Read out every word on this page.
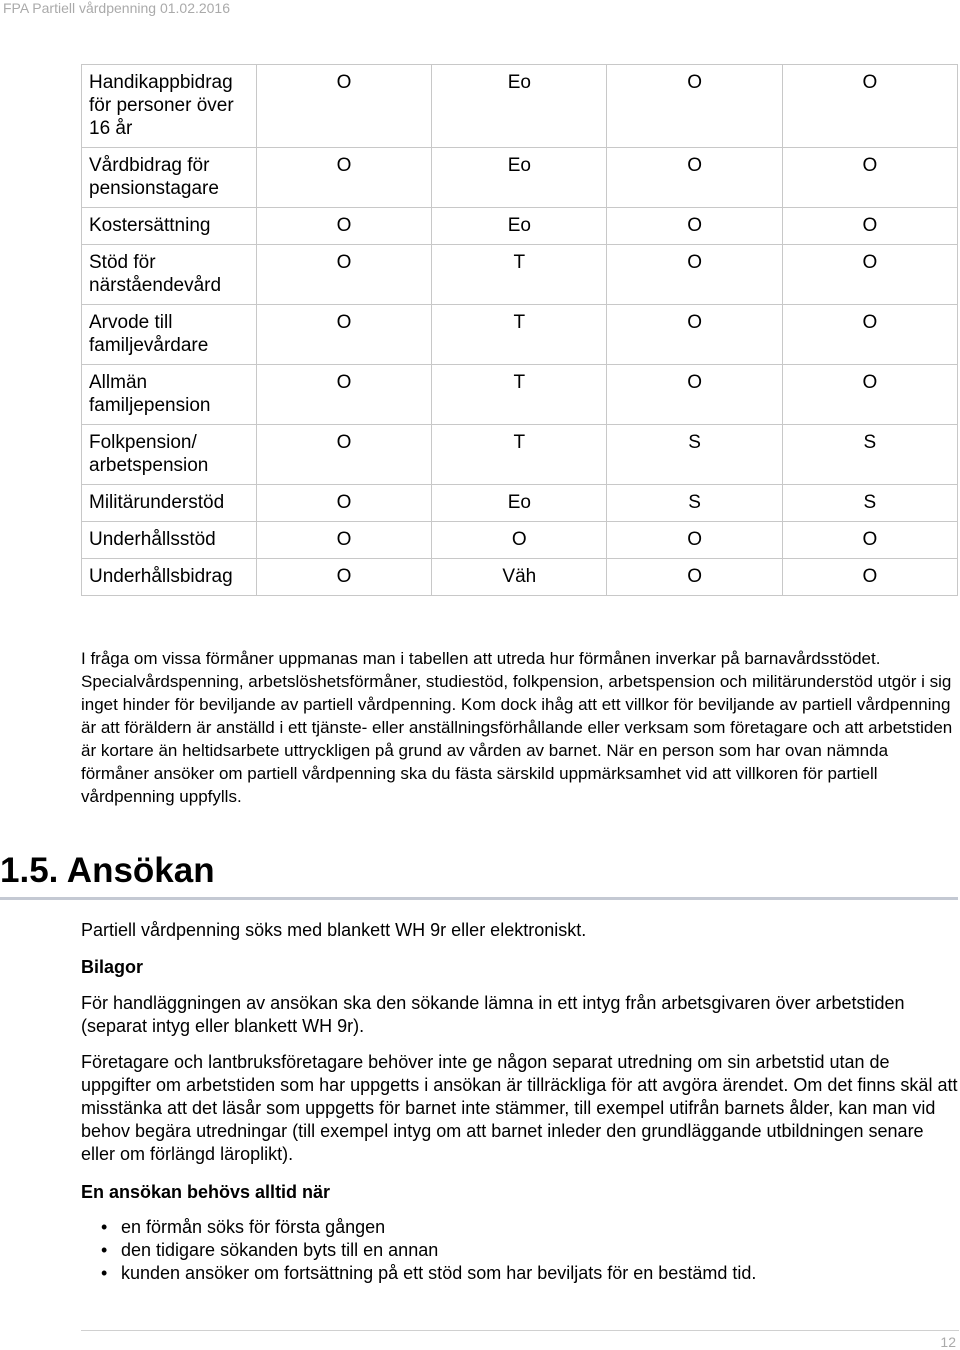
FPA Partiell vårdpenning 01.02.2016
Handikappbidrag för personer över 16 år	O	Eo	O	O
Vårdbidrag för pensionstagare	O	Eo	O	O
Kostersättning	O	Eo	O	O
Stöd för närståendevård	O	T	O	O
Arvode till familjevårdare	O	T	O	O
Allmän familjepension	O	T	O	O
Folkpension/ arbetspension	O	T	S	S
Militärunderstöd	O	Eo	S	S
Underhållsstöd	O	O	O	O
Underhållsbidrag	O	Väh	O	O
I fråga om vissa förmåner uppmanas man i tabellen att utreda hur förmånen inverkar på barnavårdsstödet. Specialvårdspenning, arbetslöshetsförmåner, studiestöd, folkpension, arbetspension och militärunderstöd utgör i sig inget hinder för beviljande av partiell vårdpenning. Kom dock ihåg att ett villkor för beviljande av partiell vårdpenning är att föräldern är anställd i ett tjänste- eller anställningsförhållande eller verksam som företagare och att arbetstiden är kortare än heltidsarbete uttryckligen på grund av vården av barnet. När en person som har ovan nämnda förmåner ansöker om partiell vårdpenning ska du fästa särskild uppmärksamhet vid att villkoren för partiell vårdpenning uppfylls.
1.5. Ansökan
Partiell vårdpenning söks med blankett WH 9r eller elektroniskt.
Bilagor
För handläggningen av ansökan ska den sökande lämna in ett intyg från arbetsgivaren över arbetstiden (separat intyg eller blankett WH 9r).
Företagare och lantbruksföretagare behöver inte ge någon separat utredning om sin arbetstid utan de uppgifter om arbetstiden som har uppgetts i ansökan är tillräckliga för att avgöra ärendet. Om det finns skäl att misstänka att det läsår som uppgetts för barnet inte stämmer, till exempel utifrån barnets ålder, kan man vid behov begära utredningar (till exempel intyg om att barnet inleder den grundläggande utbildningen senare eller om förlängd läroplikt).
En ansökan behövs alltid när
• en förmån söks för första gången
• den tidigare sökanden byts till en annan
• kunden ansöker om fortsättning på ett stöd som har beviljats för en bestämd tid.
12
